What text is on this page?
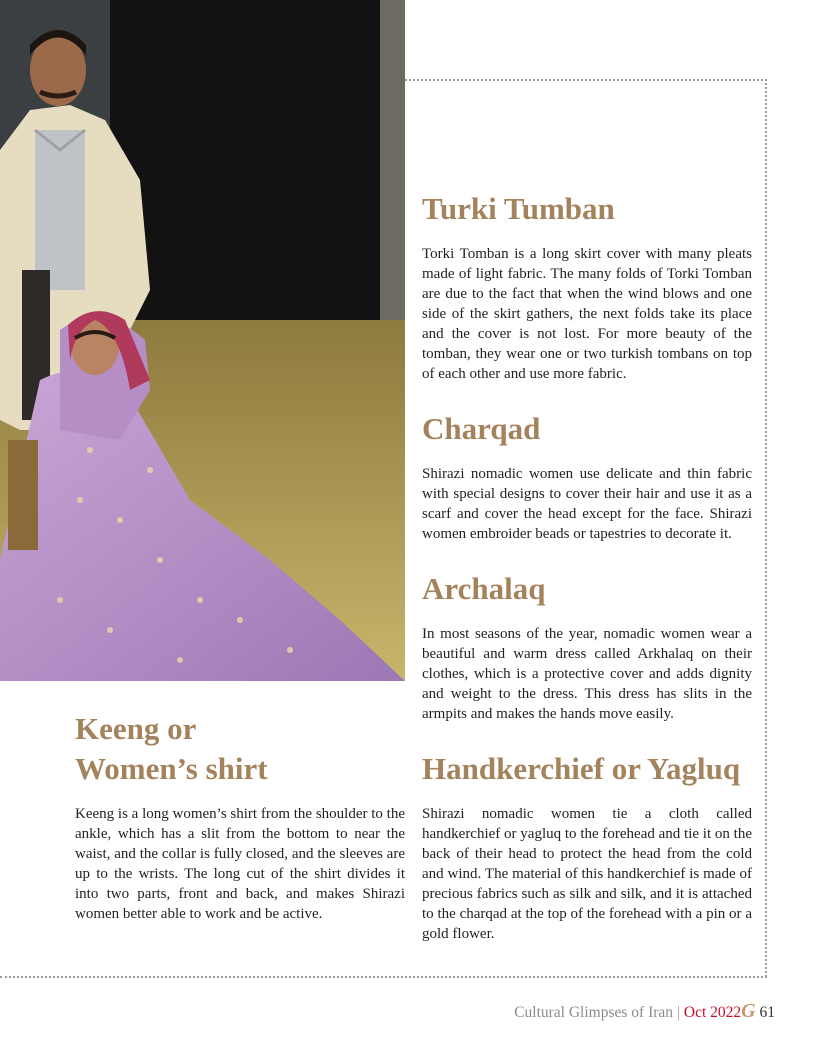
Turki Tumban

Torki Tomban is a long skirt cover with many pleats made of light fabric. The many folds of Torki Tomban are due to the fact that when the wind blows and one side of the skirt gathers, the next folds take its place and the cover is not lost. For more beauty of the tomban, they wear one or two turkish tombans on top of each other and use more fabric.

Charqad

Shirazi nomadic women use delicate and thin fabric with special designs to cover their hair and use it as a scarf and cover the head except for the face. Shirazi women embroider beads or tapestries to decorate it.

Archalaq

In most seasons of the year, nomadic women wear a beautiful and warm dress called Arkhalaq on their clothes, which is a protective cover and adds dignity and weight to the dress. This dress has slits in the armpits and makes the hands move easily.

Handkerchief or Yagluq

Shirazi nomadic women tie a cloth called handkerchief or yagluq to the forehead and tie it on the back of their head to protect the head from the cold and wind. The material of this handkerchief is made of precious fabrics such as silk and silk, and it is attached to the charqad at the top of the forehead with a pin or a gold flower.

Keeng or
Women’s shirt

Keeng is a long women’s shirt from the shoulder to the ankle, which has a slit from the bottom to near the waist, and the collar is fully closed, and the sleeves are up to the wrists. The long cut of the shirt divides it into two parts, front and back, and makes Shirazi women better able to work and be active.

Cultural Glimpses of Iran | Oct 2022G 61
